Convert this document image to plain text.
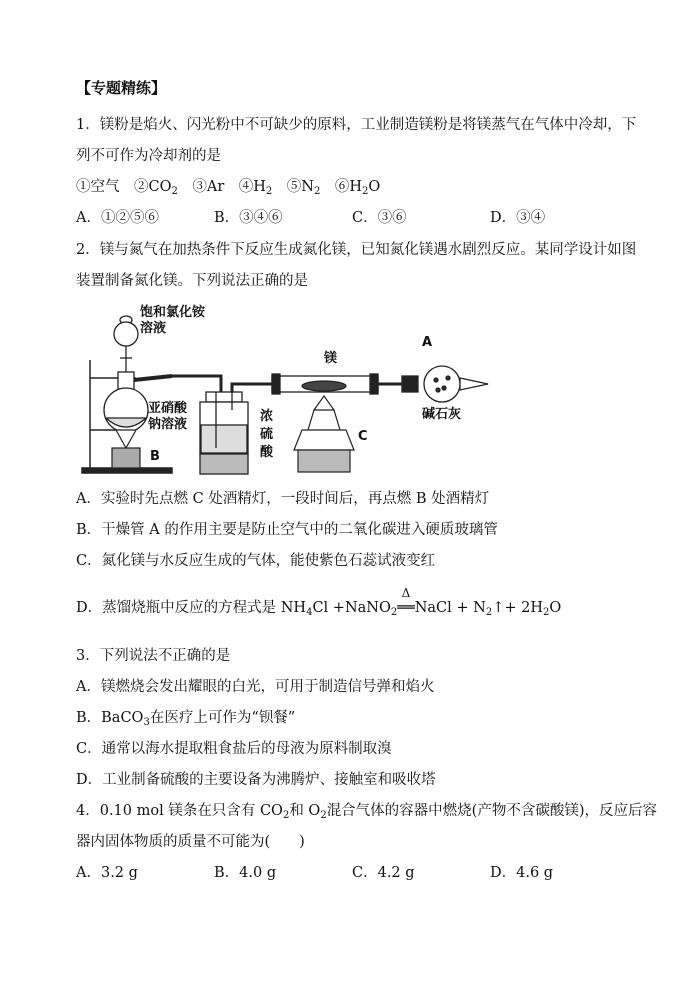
【专题精练】
1．镁粉是焰火、闪光粉中不可缺少的原料，工业制造镁粉是将镁蒸气在气体中冷却，下
列不可作为冷却剂的是
①空气　$②CO_2$　③Ar　$④H_2$　$⑤N_2$　$⑥H_2O$
A．①②⑤⑥	B．③④⑥	C．③⑥	D．③④
2．镁与氮气在加热条件下反应生成氮化镁，已知氮化镁遇水剧烈反应。某同学设计如图
装置制备氮化镁。下列说法正确的是
饱和氯化铵
溶液
亚硝酸
钠溶液
B
浓
硫
酸
镁
C
A
碱石灰
A．实验时先点燃 C 处酒精灯，一段时间后，再点燃 B 处酒精灯
B．干燥管 A 的作用主要是防止空气中的二氧化碳进入硬质玻璃管
C．氮化镁与水反应生成的气体，能使紫色石蕊试液变红
D．蒸馏烧瓶中反应的方程式是 $NH_4Cl$ +NaNO$_2$
Δ
══NaCl + $N_2↑+ 2H_2O$
3．下列说法不正确的是
A．镁燃烧会发出耀眼的白光，可用于制造信号弹和焰火
B．BaCO$_3$在医疗上可作为“钡餐”
C．通常以海水提取粗食盐后的母液为原料制取溴
D．工业制备硫酸的主要设备为沸腾炉、接触室和吸收塔
4．0.10 mol 镁条在只含有 $CO_2$和 $O_2$混合气体的容器中燃烧(产物不含碳酸镁)，反应后容
器内固体物质的质量不可能为(　　)
A．3.2 g	B．4.0 g	C．4.2 g	D．4.6 g
